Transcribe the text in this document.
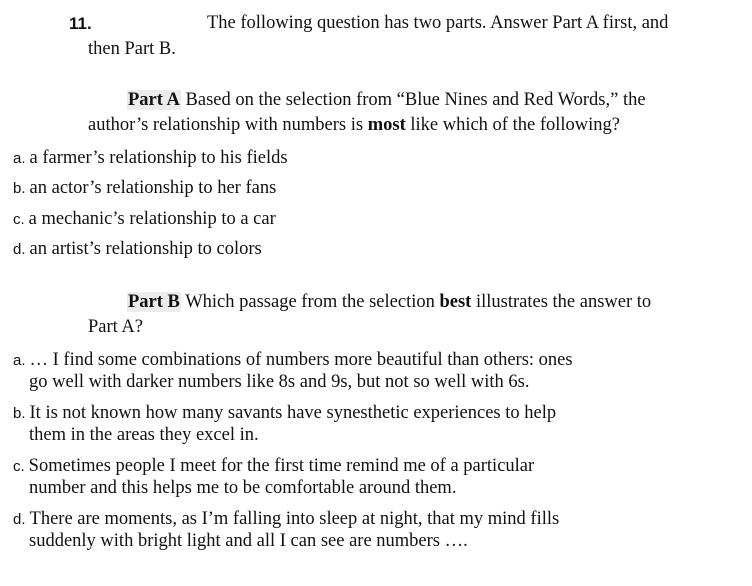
11.	The following question has two parts. Answer Part A first, and
then Part B.
Part A Based on the selection from “Blue Nines and Red Words,” the
author’s relationship with numbers is most like which of the following?
a. a farmer’s relationship to his fields
b. an actor’s relationship to her fans
c. a mechanic’s relationship to a car
d. an artist’s relationship to colors
Part B Which passage from the selection best illustrates the answer to
Part A?
a. … I find some combinations of numbers more beautiful than others: ones
go well with darker numbers like 8s and 9s, but not so well with 6s.
b. It is not known how many savants have synesthetic experiences to help
them in the areas they excel in.
c. Sometimes people I meet for the first time remind me of a particular
number and this helps me to be comfortable around them.
d. There are moments, as I’m falling into sleep at night, that my mind fills
suddenly with bright light and all I can see are numbers ….
